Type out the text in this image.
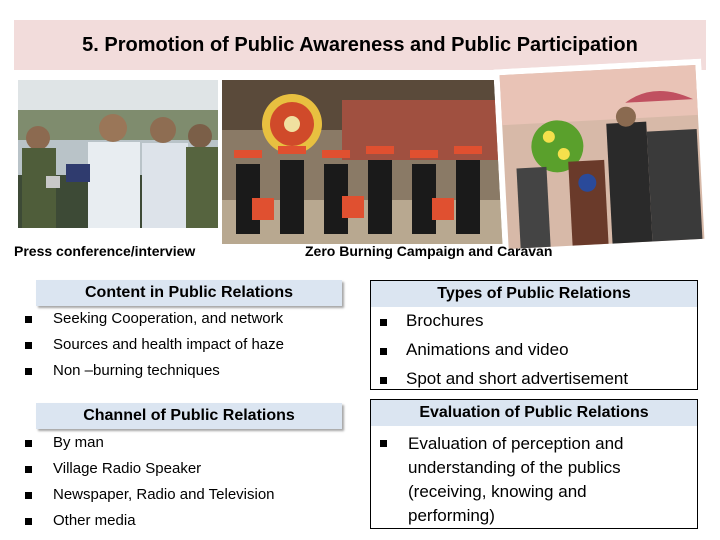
5. Promotion of Public Awareness and Public Participation
Press conference/interview	Zero Burning Campaign and Caravan
Content in Public Relations
Seeking Cooperation, and network
Sources and health impact of haze
Non –burning techniques
Types of Public Relations
Brochures
Animations and video
Spot and short advertisement
Channel of Public Relations
By man
Village Radio Speaker
Newspaper, Radio and Television
Other media
Evaluation of Public Relations
Evaluation of perception and understanding of the publics (receiving, knowing and performing)
